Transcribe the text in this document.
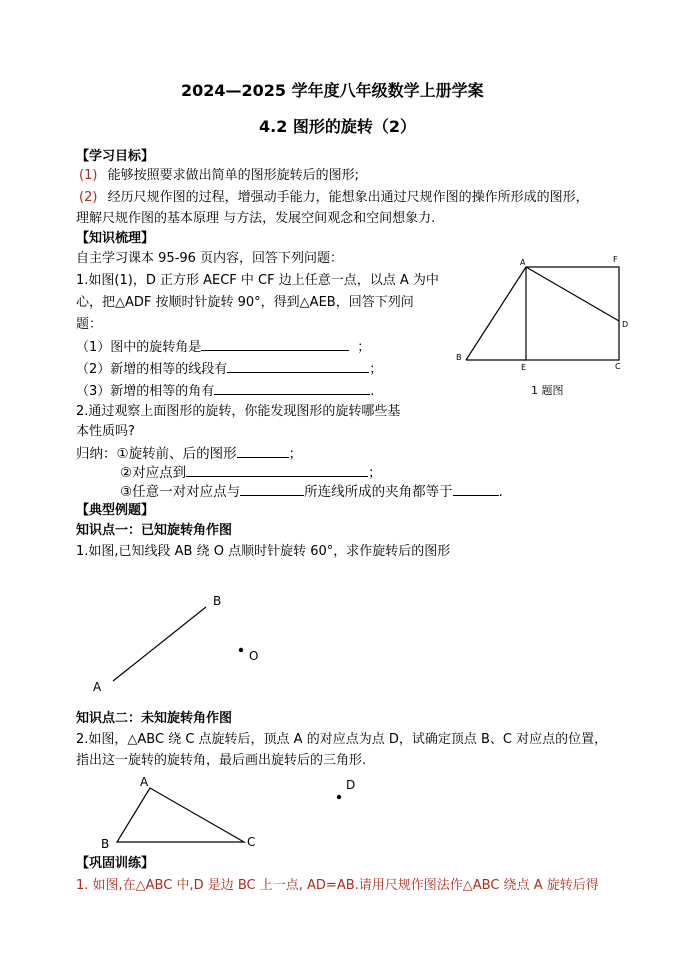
2024—2025 学年度八年级数学上册学案
4.2 图形的旋转（2）
【学习目标】
(1) 能够按照要求做出简单的图形旋转后的图形;
(2) 经历尺规作图的过程，增强动手能力，能想象出通过尺规作图的操作所形成的图形，
理解尺规作图的基本原理 与方法，发展空间观念和空间想象力.
【知识梳理】
自主学习课本 95-96 页内容，回答下列问题：
1.如图(1)，D 正方形 AECF 中 CF 边上任意一点，以点 A 为中
心，把△ADF 按顺时针旋转 90°，得到△AEB，回答下列问
题：
（1）图中的旋转角是	；
（2）新增的相等的线段有	；
（3）新增的相等的角有	.
2.通过观察上面图形的旋转，你能发现图形的旋转哪些基
本性质吗?
归纳：①旋转前、后的图形	；
②对应点到	；
③任意一对对应点与	所连线所成的夹角都等于	.
A	F
D
B
E	C
1 题图
【典型例题】
知识点一：已知旋转角作图
1.如图,已知线段 AB 绕 O 点顺时针旋转 60°，求作旋转后的图形
A
B
O
知识点二：未知旋转角作图
2.如图，△ABC 绕 C 点旋转后，顶点 A 的对应点为点 D，试确定顶点 B、C 对应点的位置，
指出这一旋转的旋转角，最后画出旋转后的三角形.
A
B	C
D
【巩固训练】
1. 如图,在△ABC 中,D 是边 BC 上一点, AD=AB.请用尺规作图法作△ABC 绕点 A 旋转后得
